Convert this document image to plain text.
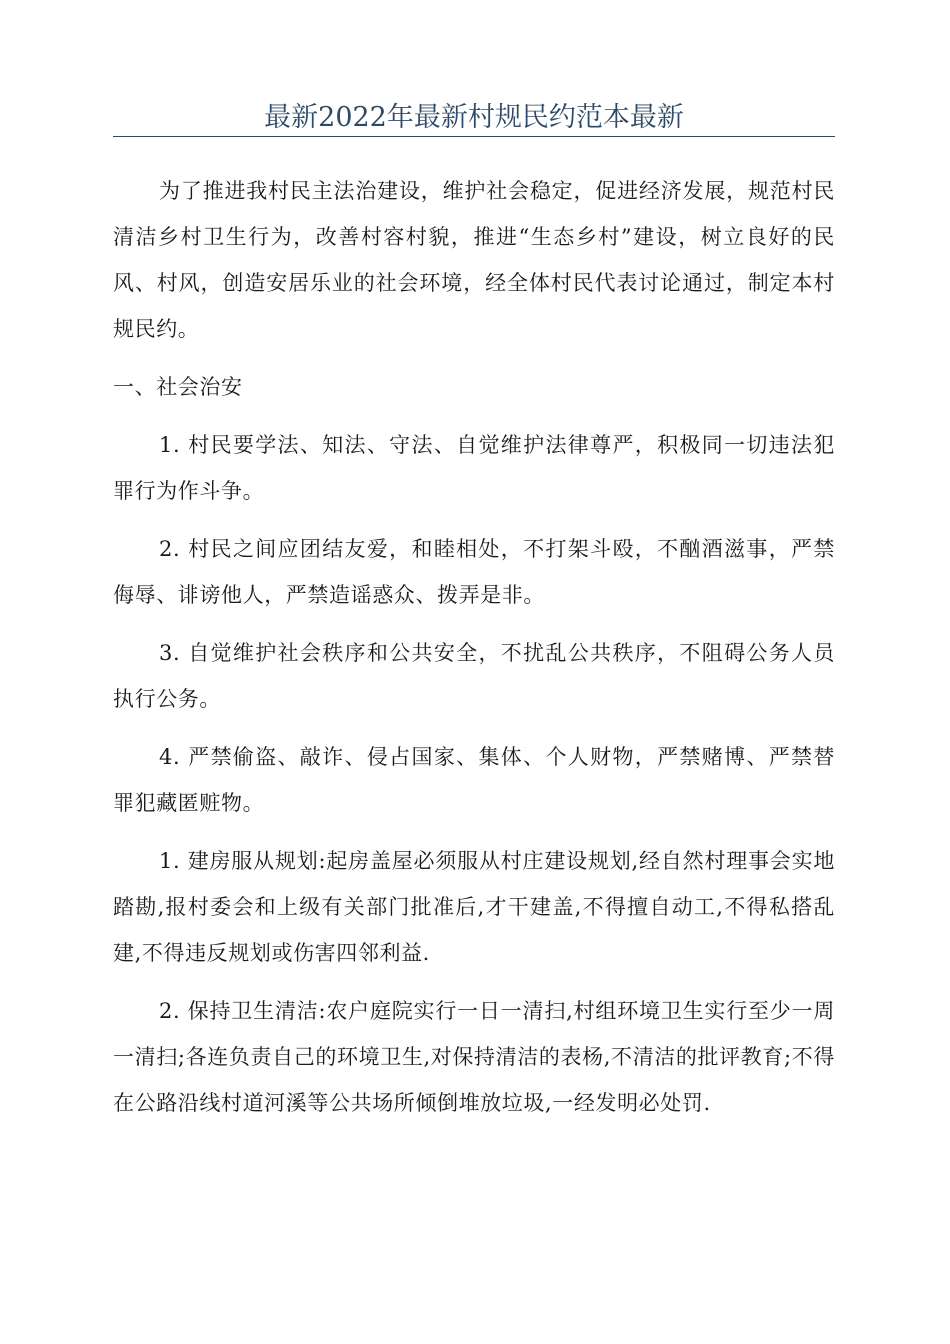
最新2022年最新村规民约范本最新

为了推进我村民主法治建设，维护社会稳定，促进经济发展，规范村民清洁乡村卫生行为，改善村容村貌，推进“生态乡村”建设，树立良好的民风、村风，创造安居乐业的社会环境，经全体村民代表讨论通过，制定本村规民约。

一、社会治安

1. 村民要学法、知法、守法、自觉维护法律尊严，积极同一切违法犯罪行为作斗争。

2. 村民之间应团结友爱，和睦相处，不打架斗殴，不酗酒滋事，严禁侮辱、诽谤他人，严禁造谣惑众、拨弄是非。

3. 自觉维护社会秩序和公共安全，不扰乱公共秩序，不阻碍公务人员执行公务。

4. 严禁偷盗、敲诈、侵占国家、集体、个人财物，严禁赌博、严禁替罪犯藏匿赃物。

1. 建房服从规划:起房盖屋必须服从村庄建设规划,经自然村理事会实地踏勘,报村委会和上级有关部门批准后,才干建盖,不得擅自动工,不得私搭乱建,不得违反规划或伤害四邻利益.

2. 保持卫生清洁:农户庭院实行一日一清扫,村组环境卫生实行至少一周一清扫;各连负责自己的环境卫生,对保持清洁的表杨,不清洁的批评教育;不得在公路沿线村道河溪等公共场所倾倒堆放垃圾,一经发明必处罚.
